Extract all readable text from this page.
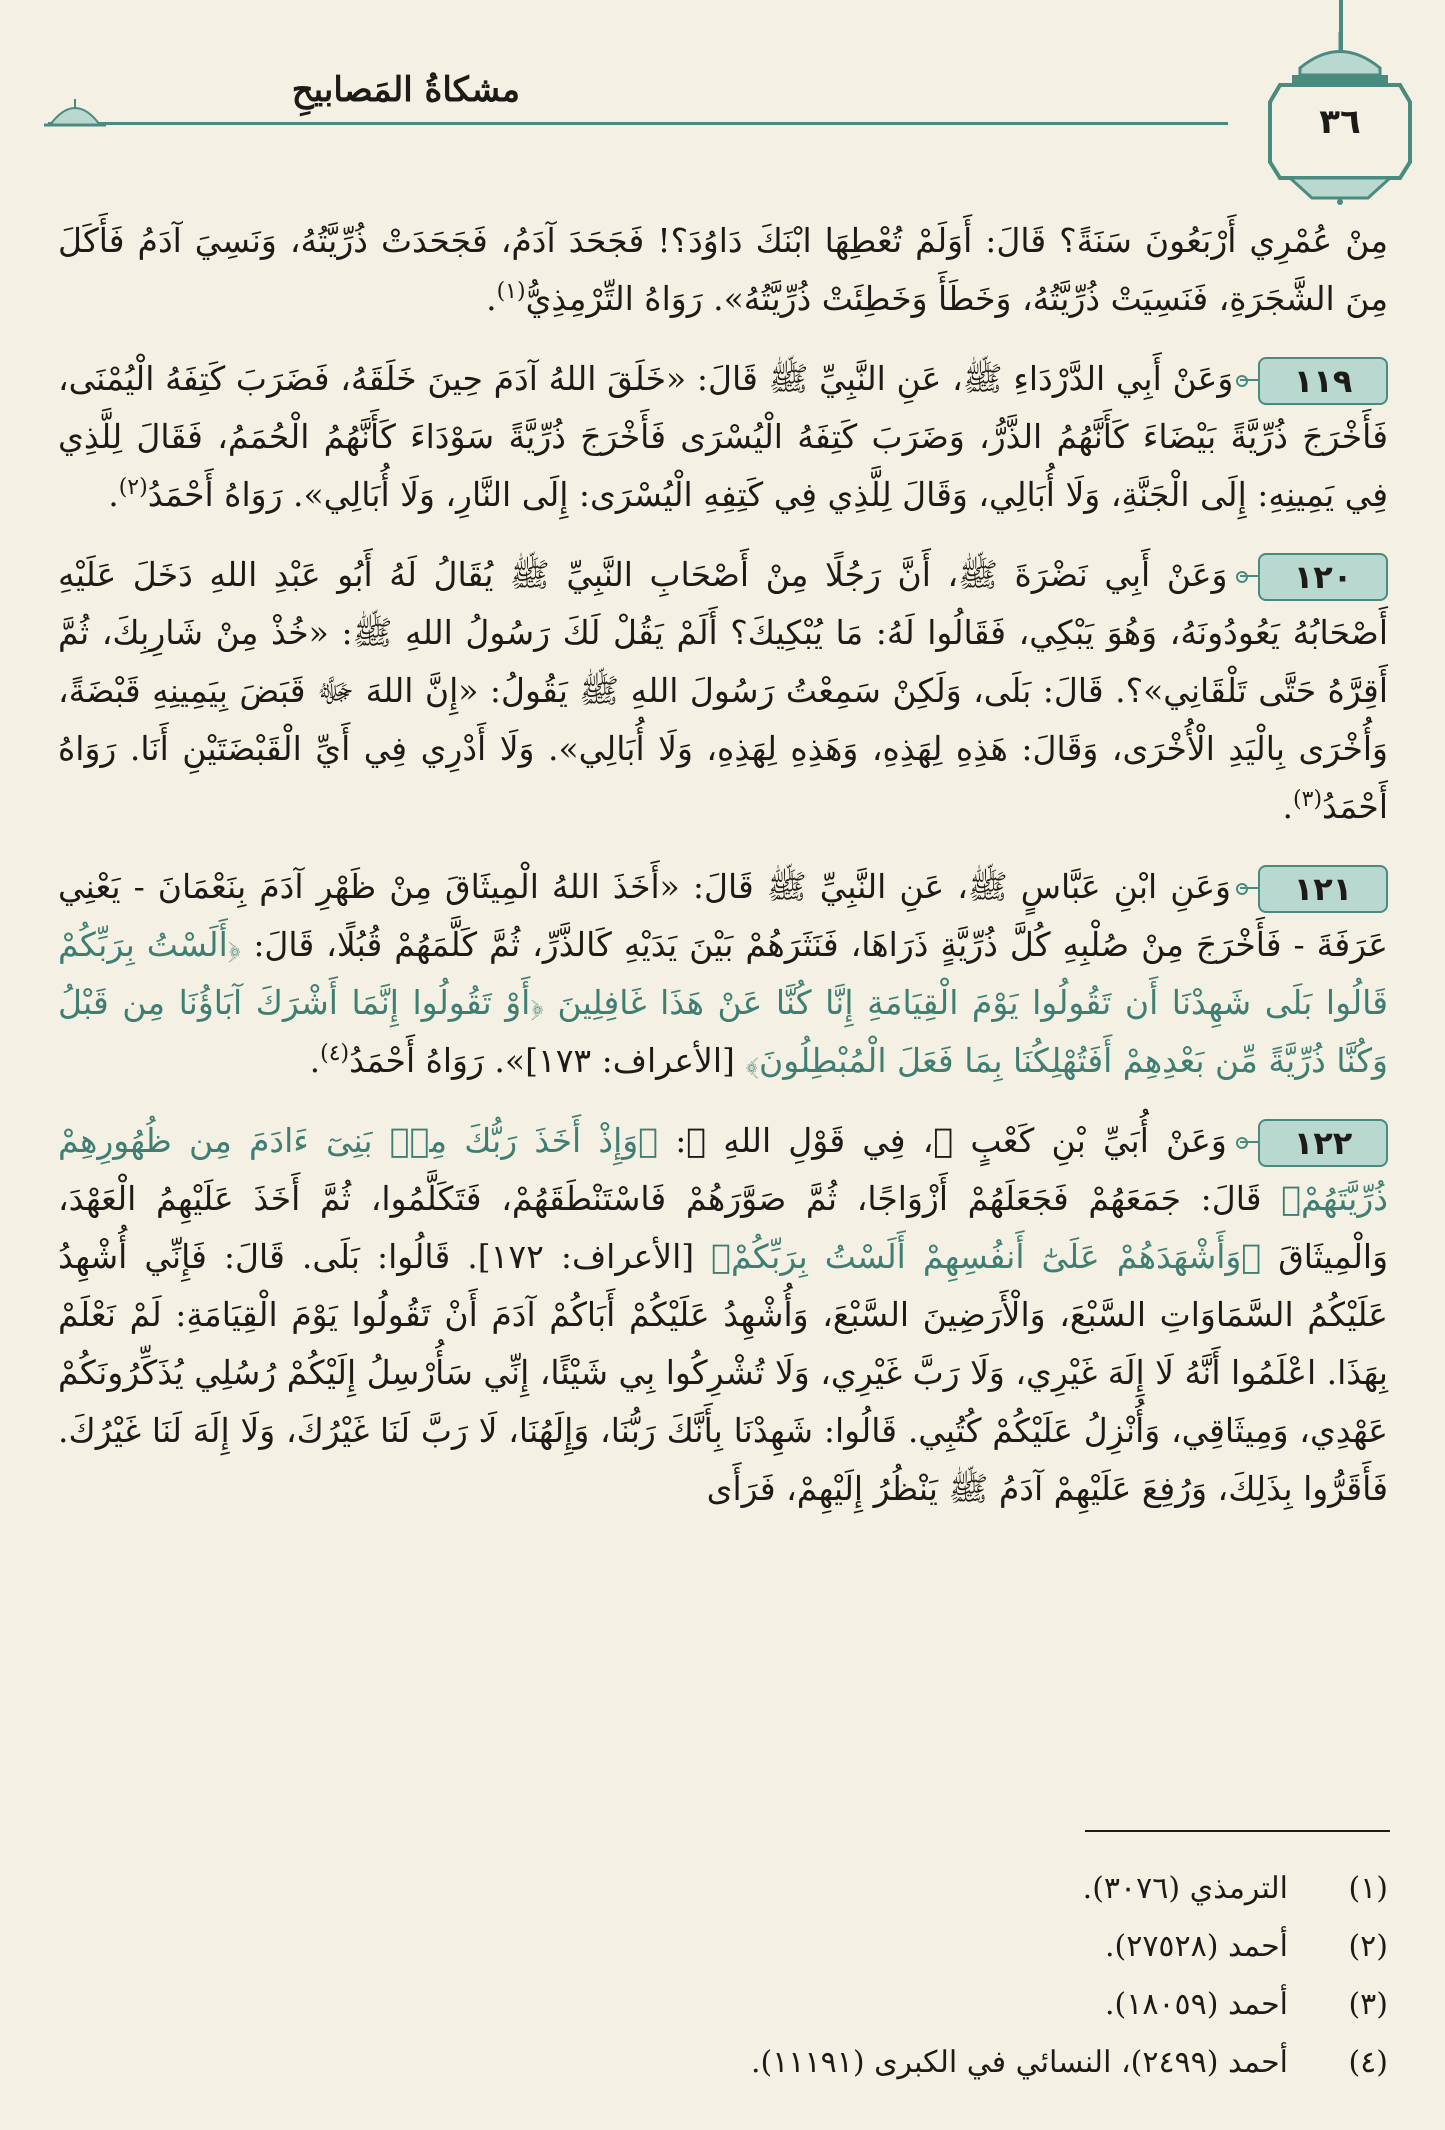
٣٦
مشكاةُ المَصابيحِ

مِنْ عُمْرِي أَرْبَعُونَ سَنَةً؟ قَالَ: أَوَلَمْ تُعْطِهَا ابْنَكَ دَاوُدَ؟! فَجَحَدَ آدَمُ، فَجَحَدَتْ ذُرِّيَّتُهُ، وَنَسِيَ آدَمُ فَأَكَلَ مِنَ الشَّجَرَةِ، فَنَسِيَتْ ذُرِّيَّتُهُ، وَخَطَأَ وَخَطِئَتْ ذُرِّيَّتُهُ». رَوَاهُ التِّرْمِذِيُّ$^{(١)}$.

١١٩ وَعَنْ أَبِي الدَّرْدَاءِ ﷺ، عَنِ النَّبِيِّ ﷺ قَالَ: «خَلَقَ اللهُ آدَمَ حِينَ خَلَقَهُ، فَضَرَبَ كَتِفَهُ الْيُمْنَى، فَأَخْرَجَ ذُرِّيَّةً بَيْضَاءَ كَأَنَّهُمُ الذَّرُّ، وَضَرَبَ كَتِفَهُ الْيُسْرَى فَأَخْرَجَ ذُرِّيَّةً سَوْدَاءَ كَأَنَّهُمُ الْحُمَمُ، فَقَالَ لِلَّذِي فِي يَمِينِهِ: إِلَى الْجَنَّةِ، وَلَا أُبَالِي، وَقَالَ لِلَّذِي فِي كَتِفِهِ الْيُسْرَى: إِلَى النَّارِ، وَلَا أُبَالِي». رَوَاهُ أَحْمَدُ$^{(٢)}$.

١٢٠ وَعَنْ أَبِي نَضْرَةَ ﷺ، أَنَّ رَجُلًا مِنْ أَصْحَابِ النَّبِيِّ ﷺ يُقَالُ لَهُ أَبُو عَبْدِ اللهِ دَخَلَ عَلَيْهِ أَصْحَابُهُ يَعُودُونَهُ، وَهُوَ يَبْكِي، فَقَالُوا لَهُ: مَا يُبْكِيكَ؟ أَلَمْ يَقُلْ لَكَ رَسُولُ اللهِ ﷺ: «خُذْ مِنْ شَارِبِكَ، ثُمَّ أَقِرَّهُ حَتَّى تَلْقَانِي»؟. قَالَ: بَلَى، وَلَكِنْ سَمِعْتُ رَسُولَ اللهِ ﷺ يَقُولُ: «إِنَّ اللهَ ﷻ قَبَضَ بِيَمِينِهِ قَبْضَةً، وَأُخْرَى بِالْيَدِ الْأُخْرَى، وَقَالَ: هَذِهِ لِهَذِهِ، وَهَذِهِ لِهَذِهِ، وَلَا أُبَالِي». وَلَا أَدْرِي فِي أَيِّ الْقَبْضَتَيْنِ أَنَا. رَوَاهُ أَحْمَدُ$^{(٣)}$.

١٢١ وَعَنِ ابْنِ عَبَّاسٍ ﷺ، عَنِ النَّبِيِّ ﷺ قَالَ: «أَخَذَ اللهُ الْمِيثَاقَ مِنْ ظَهْرِ آدَمَ بِنَعْمَانَ - يَعْنِي عَرَفَةَ - فَأَخْرَجَ مِنْ صُلْبِهِ كُلَّ ذُرِّيَّةٍ ذَرَاهَا، فَنَثَرَهُمْ بَيْنَ يَدَيْهِ كَالذَّرِّ، ثُمَّ كَلَّمَهُمْ قُبُلًا، قَالَ: ﴿أَلَسْتُ بِرَبِّكُمْ قَالُوا بَلَى شَهِدْنَا أَن تَقُولُوا يَوْمَ الْقِيَامَةِ إِنَّا كُنَّا عَنْ هَذَا غَافِلِينَ ﴿أَوْ تَقُولُوا إِنَّمَا أَشْرَكَ آبَاؤُنَا مِن قَبْلُ وَكُنَّا ذُرِّيَّةً مِّن بَعْدِهِمْ أَفَتُهْلِكُنَا بِمَا فَعَلَ الْمُبْطِلُونَ﴾ [الأعراف: ١٧٣]». رَوَاهُ أَحْمَدُ$^{(٤)}$.

١٢٢ وَعَنْ أُبَيِّ بْنِ كَعْبٍ ﷺ، فِي قَوْلِ اللهِ ﷻ: ﴿وَإِذْ أَخَذَ رَبُّكَ مِنۢ بَنِىٓ ءَادَمَ مِن ظُهُورِهِمْ ذُرِّيَّتَهُمْ﴾ قَالَ: جَمَعَهُمْ فَجَعَلَهُمْ أَزْوَاجًا، ثُمَّ صَوَّرَهُمْ فَاسْتَنْطَقَهُمْ، فَتَكَلَّمُوا، ثُمَّ أَخَذَ عَلَيْهِمُ الْعَهْدَ، وَالْمِيثَاقَ ﴿وَأَشْهَدَهُمْ عَلَىٰٓ أَنفُسِهِمْ أَلَسْتُ بِرَبِّكُمْ﴾ [الأعراف: ١٧٢]. قَالُوا: بَلَى. قَالَ: فَإِنِّي أُشْهِدُ عَلَيْكُمُ السَّمَاوَاتِ السَّبْعَ، وَالْأَرَضِينَ السَّبْعَ، وَأُشْهِدُ عَلَيْكُمْ أَبَاكُمْ آدَمَ أَنْ تَقُولُوا يَوْمَ الْقِيَامَةِ: لَمْ نَعْلَمْ بِهَذَا. اعْلَمُوا أَنَّهُ لَا إِلَهَ غَيْرِي، وَلَا رَبَّ غَيْرِي، وَلَا تُشْرِكُوا بِي شَيْئًا، إِنِّي سَأُرْسِلُ إِلَيْكُمْ رُسُلِي يُذَكِّرُونَكُمْ عَهْدِي، وَمِيثَاقِي، وَأُنْزِلُ عَلَيْكُمْ كُتُبِي. قَالُوا: شَهِدْنَا بِأَنَّكَ رَبُّنَا، وَإِلَهُنَا، لَا رَبَّ لَنَا غَيْرُكَ، وَلَا إِلَهَ لَنَا غَيْرُكَ. فَأَقَرُّوا بِذَلِكَ، وَرُفِعَ عَلَيْهِمْ آدَمُ ﷺ يَنْظُرُ إِلَيْهِمْ، فَرَأَى

(١)
الترمذي (٣٠٧٦).
(٢)
أحمد (٢٧٥٢٨).
(٣)
أحمد (١٨٠٥٩).
(٤)
أحمد (٢٤٩٩)، النسائي في الكبرى (١١١٩١).
